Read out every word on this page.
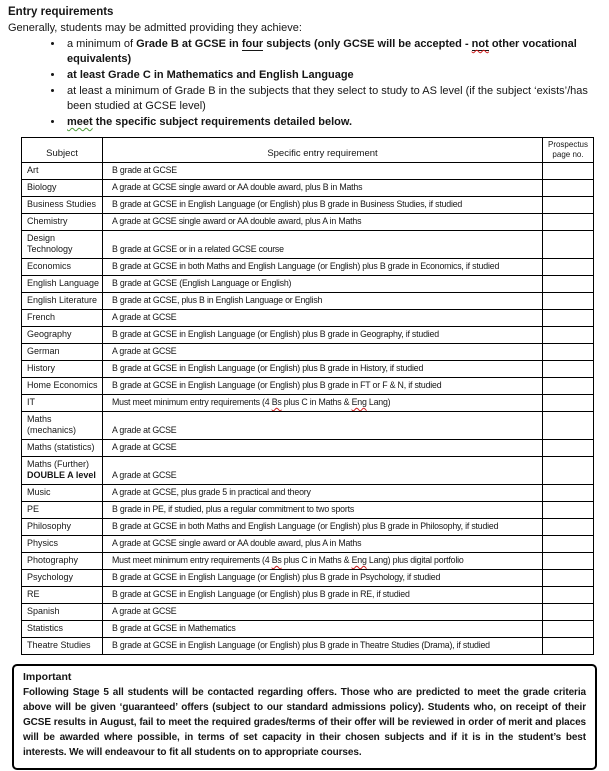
Entry requirements
Generally, students may be admitted providing they achieve:
• a minimum of Grade B at GCSE in four subjects (only GCSE will be accepted - not other vocational equivalents)
• at least Grade C in Mathematics and English Language
• at least a minimum of Grade B in the subjects that they select to study to AS level (if the subject ‘exists’/has been studied at GCSE level)
• meet the specific subject requirements detailed below.
Subject	Specific entry requirement	Prospectus
page no.

Art	B grade at GCSE	

Biology	A grade at GCSE single award or AA double award, plus B in Maths	

Business Studies	B grade at GCSE in English Language (or English) plus B grade in Business Studies, if studied	

Chemistry	A grade at GCSE single award or AA double award, plus A in Maths	

Design
Technology	B grade at GCSE or in a related GCSE course	

Economics	B grade at GCSE in both Maths and English Language (or English) plus B grade in Economics, if studied	

English Language	B grade at GCSE (English Language or English)	

English Literature	B grade at GCSE, plus B in English Language or English	

French	A grade at GCSE	

Geography	B grade at GCSE in English Language (or English) plus B grade in Geography, if studied	

German	A grade at GCSE	

History	B grade at GCSE in English Language (or English) plus B grade in History, if studied	

Home Economics	B grade at GCSE in English Language (or English) plus B grade in FT or F & N, if studied	

IT	Must meet minimum entry requirements (4 Bs plus C in Maths & Eng Lang)	

Maths
(mechanics)	A grade at GCSE	

Maths (statistics)	A grade at GCSE	

Maths (Further)
DOUBLE A level	A grade at GCSE	

Music	A grade at GCSE, plus grade 5 in practical and theory	

PE	B grade in PE, if studied, plus a regular commitment to two sports	

Philosophy	B grade at GCSE in both Maths and English Language (or English) plus B grade in Philosophy, if studied	

Physics	A grade at GCSE single award or AA double award, plus A in Maths	

Photography	Must meet minimum entry requirements (4 Bs plus C in Maths & Eng Lang) plus digital portfolio	

Psychology	B grade at GCSE in English Language (or English) plus B grade in Psychology, if studied	

RE	B grade at GCSE in English Language (or English) plus B grade in RE, if studied	

Spanish	A grade at GCSE	

Statistics	B grade at GCSE in Mathematics	

Theatre Studies	B grade at GCSE in English Language (or English) plus B grade in Theatre Studies (Drama), if studied	
Important
Following Stage 5 all students will be contacted regarding offers. Those who are predicted to meet the grade criteria above will be given ‘guaranteed’ offers (subject to our standard admissions policy). Students who, on receipt of their GCSE results in August, fail to meet the required grades/terms of their offer will be reviewed in order of merit and places will be awarded where possible, in terms of set capacity in their chosen subjects and if it is in the student’s best interests. We will endeavour to fit all students on to appropriate courses.
